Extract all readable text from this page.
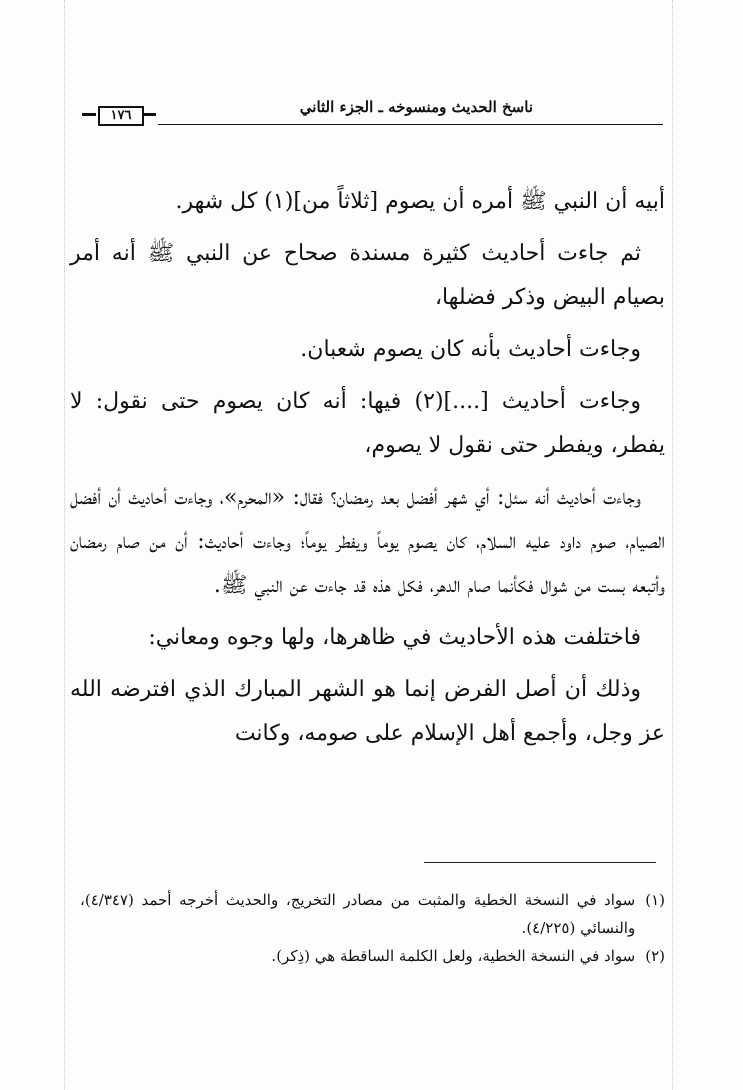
١٧٦	ناسخ الحديث ومنسوخه ـ الجزء الثاني

أبيه أن النبي ﷺ أمره أن يصوم [ثلاثاً من](١) كل شهر.

ثم جاءت أحاديث كثيرة مسندة صحاح عن النبي ﷺ أنه أمر بصيام البيض وذكر فضلها،

وجاءت أحاديث بأنه كان يصوم شعبان.

وجاءت أحاديث [....](٢) فيها: أنه كان يصوم حتى نقول: لا يفطر، ويفطر حتى نقول لا يصوم،

وجاءت أحاديث أنه سئل: أي شهر أفضل بعد رمضان؟ فقال: «المحرم»، وجاءت أحاديث أن أفضل الصيام، صوم داود عليه السلام، كان يصوم يوماً ويفطر يوماً؛ وجاءت أحاديث: أن من صام رمضان وأتبعه بست من شوال فكأنما صام الدهر، فكل هذه قد جاءت عن النبي ﷺ.

فاختلفت هذه الأحاديث في ظاهرها، ولها وجوه ومعاني:

وذلك أن أصل الفرض إنما هو الشهر المبارك الذي افترضه الله عز وجل، وأجمع أهل الإسلام على صومه، وكانت

(١)
سواد في النسخة الخطية والمثبت من مصادر التخريج، والحديث أخرجه أحمد (٤/٣٤٧)، والنسائي (٤/٢٢٥).
(٢)
سواد في النسخة الخطية، ولعل الكلمة الساقطة هي (ذِكر).
